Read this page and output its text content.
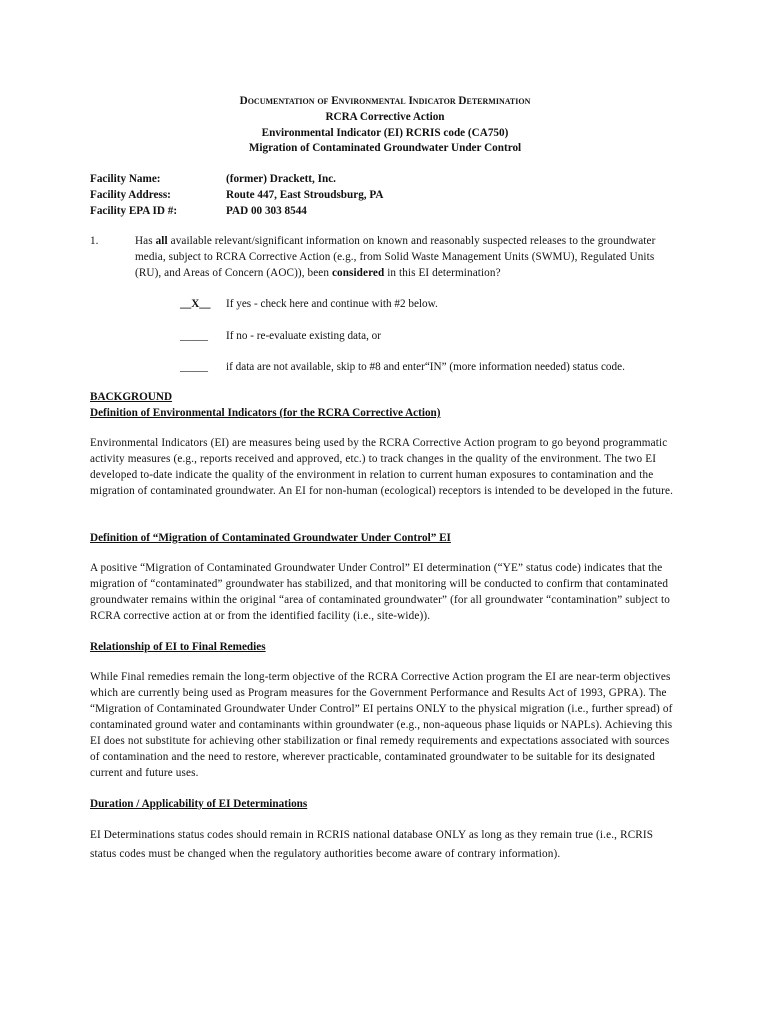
Documentation of Environmental Indicator Determination
RCRA Corrective Action
Environmental Indicator (EI) RCRIS code (CA750)
Migration of Contaminated Groundwater Under Control
Facility Name:	(former) Drackett, Inc.
Facility Address:	Route 447, East Stroudsburg, PA
Facility EPA ID #:	PAD 00 303 8544
1.	Has all available relevant/significant information on known and reasonably suspected releases to the groundwater media, subject to RCRA Corrective Action (e.g., from Solid Waste Management Units (SWMU), Regulated Units (RU), and Areas of Concern (AOC)), been considered in this EI determination?
__X__ If yes - check here and continue with #2 below.
_____ If no - re-evaluate existing data, or
_____ if data are not available, skip to #8 and enter“IN” (more information needed) status code.
BACKGROUND
Definition of Environmental Indicators (for the RCRA Corrective Action)
Environmental Indicators (EI) are measures being used by the RCRA Corrective Action program to go beyond programmatic activity measures (e.g., reports received and approved, etc.) to track changes in the quality of the environment. The two EI developed to-date indicate the quality of the environment in relation to current human exposures to contamination and the migration of contaminated groundwater. An EI for non-human (ecological) receptors is intended to be developed in the future.
Definition of “Migration of Contaminated Groundwater Under Control” EI
A positive “Migration of Contaminated Groundwater Under Control” EI determination (“YE” status code) indicates that the migration of “contaminated” groundwater has stabilized, and that monitoring will be conducted to confirm that contaminated groundwater remains within the original “area of contaminated groundwater” (for all groundwater “contamination” subject to RCRA corrective action at or from the identified facility (i.e., site-wide)).
Relationship of EI to Final Remedies
While Final remedies remain the long-term objective of the RCRA Corrective Action program the EI are near-term objectives which are currently being used as Program measures for the Government Performance and Results Act of 1993, GPRA). The “Migration of Contaminated Groundwater Under Control” EI pertains ONLY to the physical migration (i.e., further spread) of contaminated ground water and contaminants within groundwater (e.g., non-aqueous phase liquids or NAPLs). Achieving this EI does not substitute for achieving other stabilization or final remedy requirements and expectations associated with sources of contamination and the need to restore, wherever practicable, contaminated groundwater to be suitable for its designated current and future uses.
Duration / Applicability of EI Determinations
EI Determinations status codes should remain in RCRIS national database ONLY as long as they remain true (i.e., RCRIS status codes must be changed when the regulatory authorities become aware of contrary information).
